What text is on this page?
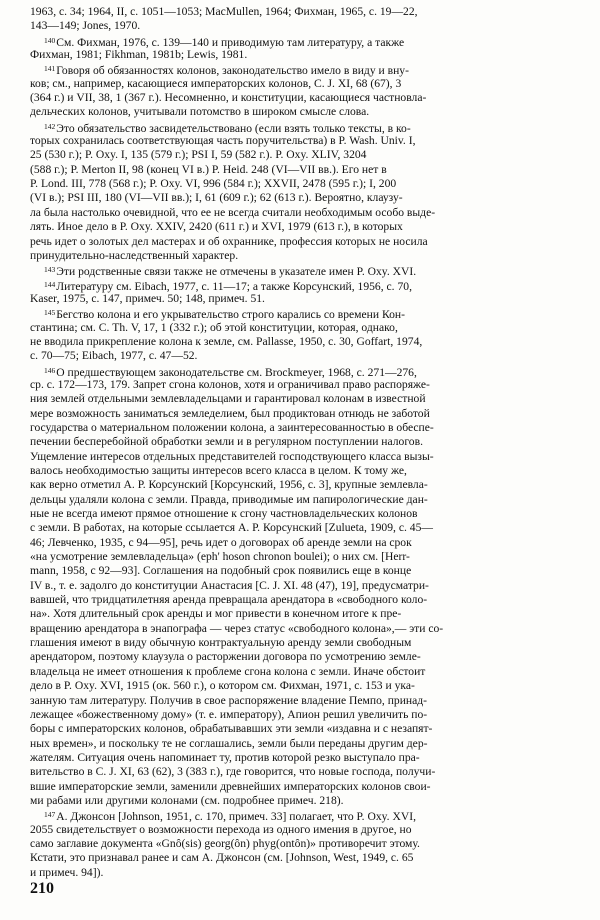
1963, с. 34; 1964, II, с. 1051—1053; MacMullen, 1964; Фихман, 1965, с. 19—22,
143—149; Jones, 1970.
$^{140}$См. Фихман, 1976, с. 139—140 и приводимую там литературу, а также
Фихман, 1981; Fikhman, 1981b; Lewis, 1981.
$^{141}$Говоря об обязанностях колонов, законодательство имело в виду и вну-
ков; см., например, касающиеся императорских колонов, С. J. XI, 68 (67), 3
(364 г.) и VII, 38, 1 (367 г.). Несомненно, и конституции, касающиеся частновла-
дельческих колонов, учитывали потомство в широком смысле слова.
$^{142}$Это обязательство засвидетельствовано (если взять только тексты, в ко-
торых сохранилась соответствующая часть поручительства) в P. Wash. Univ. I,
25 (530 г.); P. Oxy. I, 135 (579 г.); PSI I, 59 (582 г.). P. Oxy. XLIV, 3204
(588 г.); P. Merton II, 98 (конец VI в.) P. Heid. 248 (VI—VII вв.). Его нет в
P. Lond. III, 778 (568 г.); P. Oxy. VI, 996 (584 г.); XXVII, 2478 (595 г.); I, 200
(VI в.); PSI III, 180 (VI—VII вв.); I, 61 (609 г.); 62 (613 г.). Вероятно, клаузу-
ла была настолько очевидной, что ее не всегда считали необходимым особо выде-
лять. Иное дело в P. Oxy. XXIV, 2420 (611 г.) и XVI, 1979 (613 г.), в которых
речь идет о золотых дел мастерах и об охраннике, профессия которых не носила
принудительно-наследственный характер.
$^{143}$Эти родственные связи также не отмечены в указателе имен P. Oxy. XVI.
$^{144}$Литературу см. Eibach, 1977, с. 11—17; а также Корсунский, 1956, с. 70,
Kaser, 1975, с. 147, примеч. 50; 148, примеч. 51.
$^{145}$Бегство колона и его укрывательство строго карались со времени Кон-
стантина; см. С. Th. V, 17, 1 (332 г.); об этой конституции, которая, однако,
не вводила прикрепление колона к земле, см. Pallasse, 1950, с. 30, Goffart, 1974,
с. 70—75; Eibach, 1977, с. 47—52.
$^{146}$О предшествующем законодательстве см. Brockmeyer, 1968, с. 271—276,
ср. с. 172—173, 179. Запрет сгона колонов, хотя и ограничивал право распоряже-
ния землей отдельными землевладельцами и гарантировал колонам в известной
мере возможность заниматься земледелием, был продиктован отнюдь не заботой
государства о материальном положении колона, а заинтересованностью в обеспе-
печении бесперебойной обработки земли и в регулярном поступлении налогов.
Ущемление интересов отдельных представителей господствующего класса вызы-
валось необходимостью защиты интересов всего класса в целом. К тому же,
как верно отметил А. Р. Корсунский [Корсунский, 1956, с. 3], крупные землевла-
дельцы удаляли колона с земли. Правда, приводимые им папирологические дан-
ные не всегда имеют прямое отношение к сгону частновладельческих колонов
с земли. В работах, на которые ссылается А. Р. Корсунский [Zulueta, 1909, с. 45—
46; Левченко, 1935, с 94—95], речь идет о договорах об аренде земли на срок
«на усмотрение землевладельца» (eph' hoson chronon boulei); о них см. [Herr-
mann, 1958, с 92—93]. Соглашения на подобный срок появились еще в конце
IV в., т. е. задолго до конституции Анастасия [С. J. XI. 48 (47), 19], предусматри-
вавшей, что тридцатилетняя аренда превращала арендатора в «свободного коло-
на». Хотя длительный срок аренды и мог привести в конечном итоге к пре-
вращению арендатора в энапографа — через статус «свободного колона»,— эти со-
глашения имеют в виду обычную контрактуальную аренду земли свободным
арендатором, поэтому клаузула о расторжении договора по усмотрению земле-
владельца не имеет отношения к проблеме сгона колона с земли. Иначе обстоит
дело в P. Oxy. XVI, 1915 (ок. 560 г.), о котором см. Фихман, 1971, с. 153 и ука-
занную там литературу. Получив в свое распоряжение владение Пемпо, принад-
лежащее «божественному дому» (т. е. императору), Апион решил увеличить по-
боры с императорских колонов, обрабатывавших эти земли «издавна и с незапят-
ных времен», и поскольку те не соглашались, земли были переданы другим дер-
жателям. Ситуация очень напоминает ту, против которой резко выступало пра-
вительство в С. J. XI, 63 (62), 3 (383 г.), где говорится, что новые господа, получи-
вшие императорские земли, заменили древнейших императорских колонов свои-
ми рабами или другими колонами (см. подробнее примеч. 218).
$^{147}$А. Джонсон [Johnson, 1951, с. 170, примеч. 33] полагает, что P. Oxy. XVI,
2055 свидетельствует о возможности перехода из одного имения в другое, но
само заглавие документа «Gnô(sis) georg(ôn) phyg(ontôn)» противоречит этому.
Кстати, это признавал ранее и сам А. Джонсон (см. [Johnson, West, 1949, с. 65
и примеч. 94]).
210
